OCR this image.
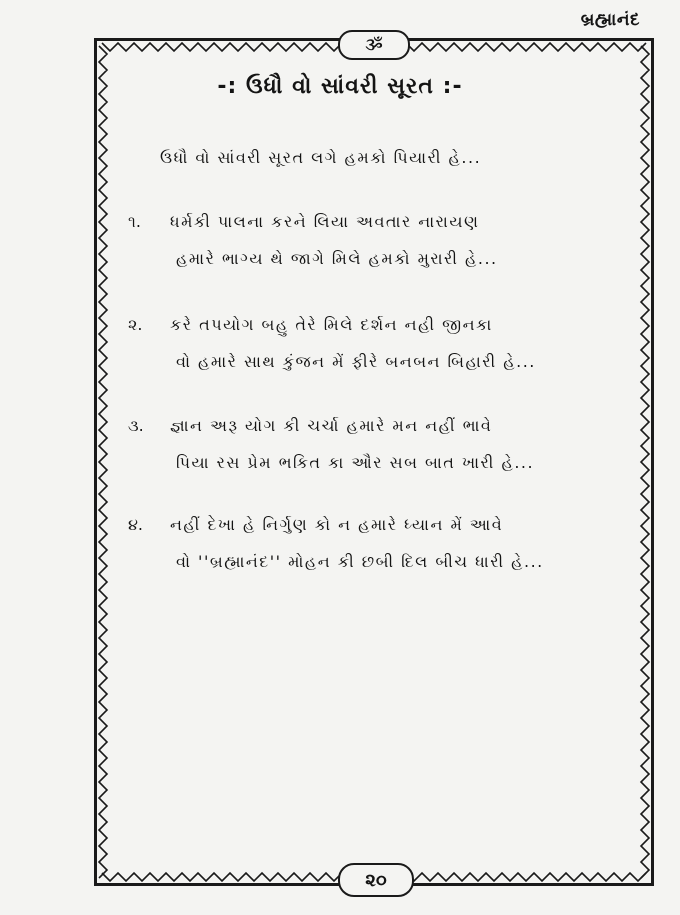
બ્રહ્માનંદ
ૐ
-: ઉધૌ વો સાંવરી સૂરત :-
ઉધૌ વો સાંવરી સૂરત લગે હમકો પિયારી હે...
૧. ધર્મકી પાલના કરને લિયા અવતાર નારાયણ
હમારે ભાગ્ય થે જાગે મિલે હમકો મુરારી હે...
૨. કરે તપયોગ બહુ તેરે મિલે દર્શન નહી જીનકા
વો હમારે સાથ કુંજન મેં ફીરે બનબન બિહારી હે...
૩. જ્ઞાન અરૂ યોગ કી ચર્ચા હમારે મન નહીં ભાવે
પિયા રસ પ્રેમ ભકિત કા ઔર સબ બાત ખારી હે...
૪. નહીં દેખા હે નિર્ગુણ કો ન હમારે ધ્યાન મેં આવે
વો ''બ્રહ્માનંદ'' મોહન કી છબી દિલ બીચ ધારી હે...
૨૦
